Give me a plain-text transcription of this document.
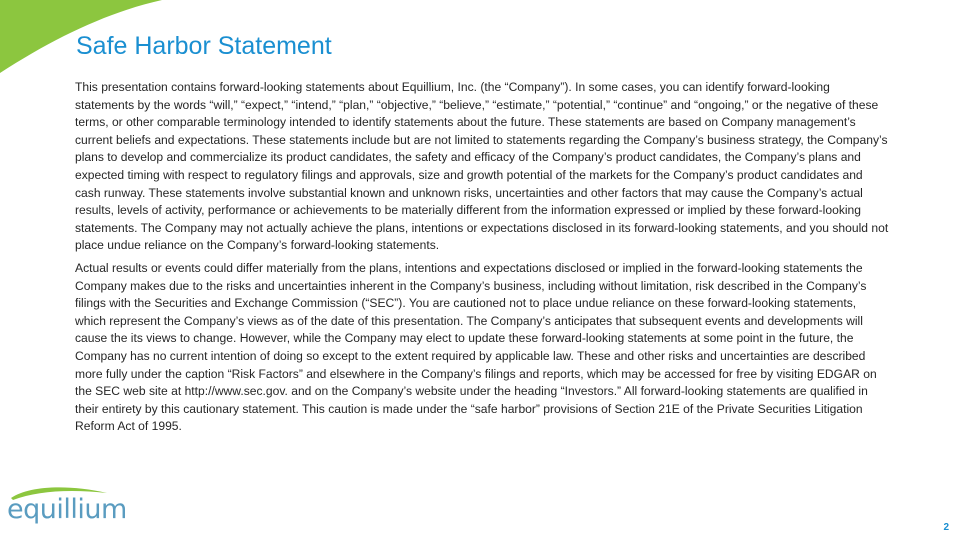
Safe Harbor Statement

This presentation contains forward-looking statements about Equillium, Inc. (the “Company”). In some cases, you can identify forward-looking statements by the words “will,” “expect,” “intend,” “plan,” “objective,” “believe,” “estimate,” “potential,” “continue” and “ongoing,” or the negative of these terms, or other comparable terminology intended to identify statements about the future. These statements are based on Company management’s current beliefs and expectations. These statements include but are not limited to statements regarding the Company’s business strategy, the Company’s plans to develop and commercialize its product candidates, the safety and efficacy of the Company’s product candidates, the Company’s plans and expected timing with respect to regulatory filings and approvals, size and growth potential of the markets for the Company’s product candidates and cash runway. These statements involve substantial known and unknown risks, uncertainties and other factors that may cause the Company’s actual results, levels of activity, performance or achievements to be materially different from the information expressed or implied by these forward-looking statements. The Company may not actually achieve the plans, intentions or expectations disclosed in its forward-looking statements, and you should not place undue reliance on the Company’s forward-looking statements.

Actual results or events could differ materially from the plans, intentions and expectations disclosed or implied in the forward-looking statements the Company makes due to the risks and uncertainties inherent in the Company’s business, including without limitation, risk described in the Company’s filings with the Securities and Exchange Commission (“SEC”). You are cautioned not to place undue reliance on these forward-looking statements, which represent the Company’s views as of the date of this presentation. The Company’s anticipates that subsequent events and developments will cause the its views to change. However, while the Company may elect to update these forward-looking statements at some point in the future, the Company has no current intention of doing so except to the extent required by applicable law. These and other risks and uncertainties are described more fully under the caption “Risk Factors” and elsewhere in the Company’s filings and reports, which may be accessed for free by visiting EDGAR on the SEC web site at http://www.sec.gov. and on the Company’s website under the heading “Investors.” All forward-looking statements are qualified in their entirety by this cautionary statement. This caution is made under the “safe harbor” provisions of Section 21E of the Private Securities Litigation Reform Act of 1995.

equillium
2
